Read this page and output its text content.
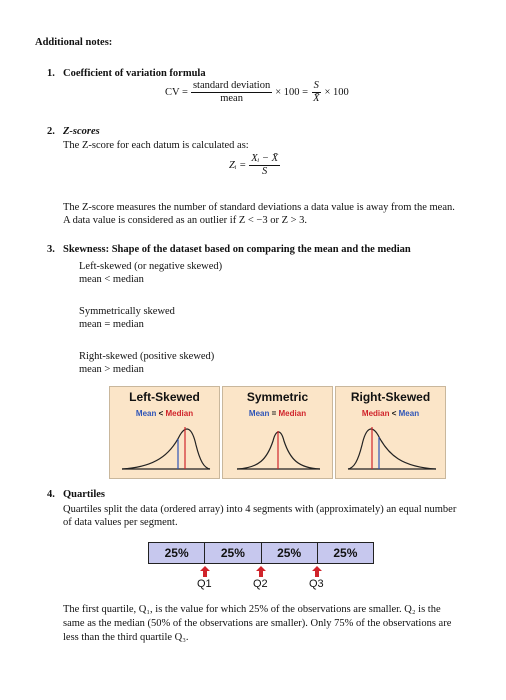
Additional notes:
1. Coefficient of variation formula
CV = $\frac{\text{standard deviation}}{\text{mean}} \times 100 = \frac{S}{X̄} \times 100$
2. Z-scores
The Z-score for each datum is calculated as:
Zᵢ = $\frac{\text{Xᵢ − X̄}}{S}$
The Z-score measures the number of standard deviations a data value is away from the mean.
A data value is considered as an outlier if Z < −3 or Z > 3.
3. Skewness: Shape of the dataset based on comparing the mean and the median
Left-skewed (or negative skewed)
mean < median
Symmetrically skewed
mean = median
Right-skewed (positive skewed)
mean > median
Left-Skewed
Mean < Median
Symmetric
Mean = Median
Right-Skewed
Median < Mean
4. Quartiles
Quartiles split the data (ordered array) into 4 segments with (approximately) an equal number
of data values per segment.
25%	25%	25%	25%
Q1	Q2	Q3
The first quartile, Q₁, is the value for which 25% of the observations are smaller. Q₂ is the
same as the median (50% of the observations are smaller). Only 75% of the observations are
less than the third quartile Q₃.
